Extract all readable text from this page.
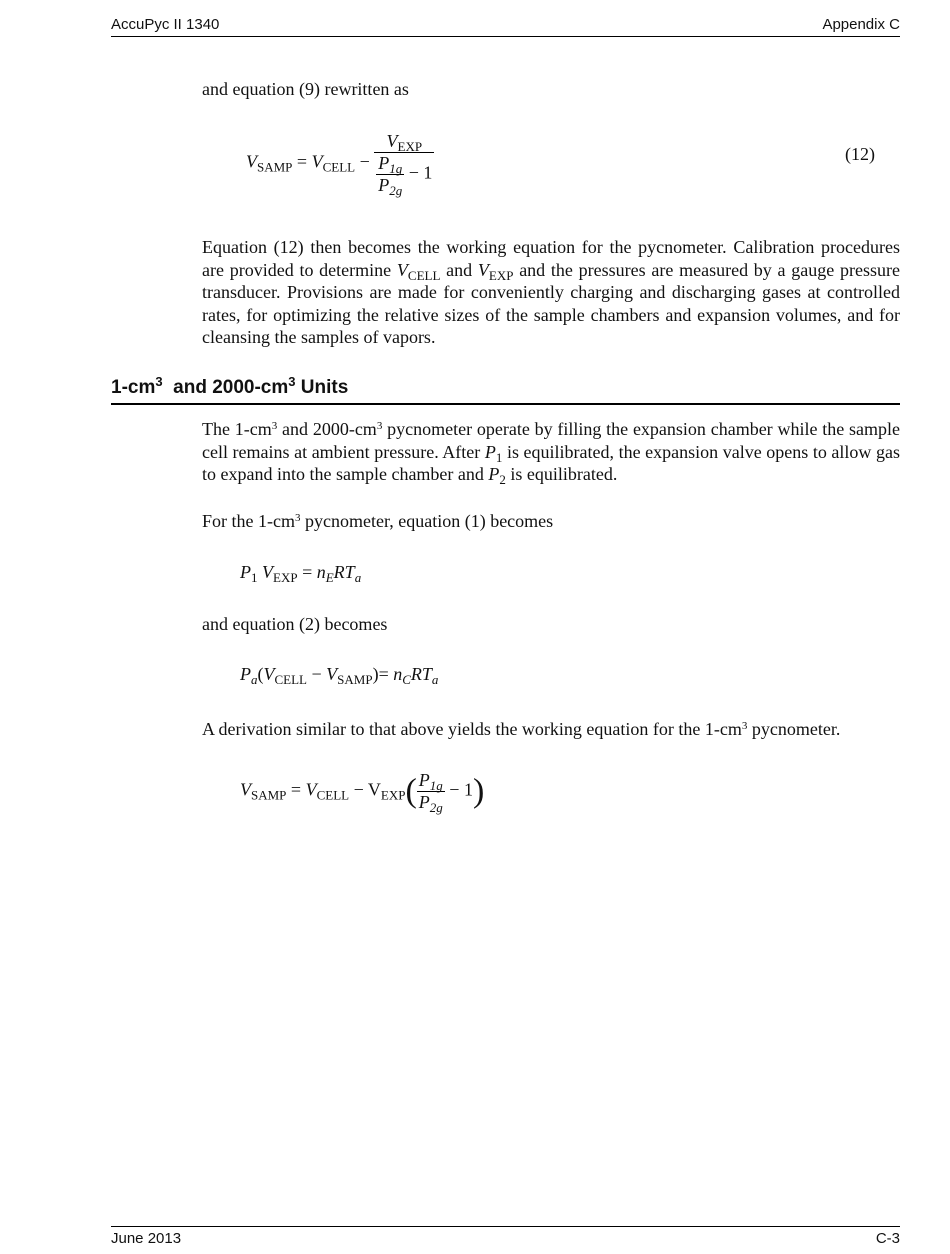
AccuPyc II 1340	Appendix C
and equation (9) rewritten as
$V_{SAMP} = V_{CELL} - \frac{V_{EXP}}{\frac{P_{1g}}{P_{2g}} - 1}$	(12)
Equation (12) then becomes the working equation for the pycnometer. Calibration procedures are provided to determine $V_{CELL}$ and $V_{EXP}$ and the pressures are measured by a gauge pressure transducer. Provisions are made for conveniently charging and discharging gases at controlled rates, for optimizing the relative sizes of the sample chambers and expansion volumes, and for cleansing the samples of vapors.
$1-cm^3$  and $2000-cm^3$ Units
The $1-cm^3$ and $2000-cm^3$ pycnometer operate by filling the expansion chamber while the sample cell remains at ambient pressure. After $P_1$ is equilibrated, the expansion valve opens to allow gas to expand into the sample chamber and $P_2$ is equilibrated.
For the $1-cm^3$ pycnometer, equation (1) becomes
$P_1$ $V_{EXP} = n_ERT_a$
and equation (2) becomes
$P_a(V_{CELL} - V_{SAMP})= n_CRT_a$
A derivation similar to that above yields the working equation for the $1-cm^3$ pycnometer.
$V_{SAMP} = V_{CELL} - V_{EXP}( \frac{P_{1g}}{P_{2g}} - 1)$
June 2013	C-3
